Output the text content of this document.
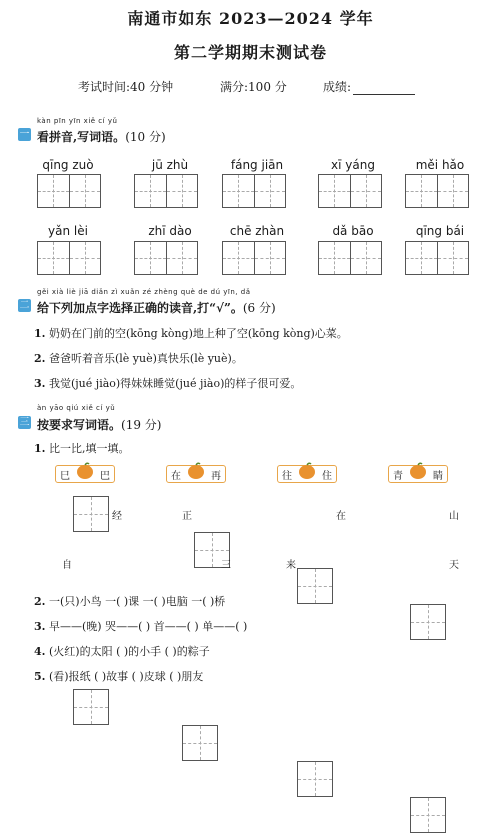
南通市如东 2023—2024 学年
第二学期期末测试卷
考试时间:40 分钟	满分:100 分	成绩:
kàn pīn yīn xiě cí yǔ
一 看拼音,写词语。(10 分)
qīng zuò	jū zhù	fáng jiān	xī yáng	měi hǎo
yǎn lèi	zhī dào	chē zhàn	dǎ bāo	qīng bái
gěi xià liè jiā diǎn zì xuǎn zé zhèng què de dú yīn, dǎ
二 给下列加点字选择正确的读音,打“√”。(6 分)
1. 奶奶在门前的空(kōng kòng)地上种了空(kōng kòng)心菜。
2. 爸爸听着音乐(lè yuè)真快乐(lè yuè)。
3. 我觉(jué jiào)得妹妹睡觉(jué jiào)的样子很可爱。
àn yāo qiú xiě cí yǔ
三 按要求写词语。(19 分)
1. 比一比,填一填。
巳	巴	在	再	往	住	青	睛
经	正	在	山
自	三	来	天
2. 一(只)小鸟 一( )课 一( )电脑 一( )桥
3. 早——(晚) 哭——( ) 首——( ) 单——( )
4. (火红)的太阳 ( )的小手 ( )的粽子
5. (看)报纸 ( )故事 ( )皮球 ( )朋友
